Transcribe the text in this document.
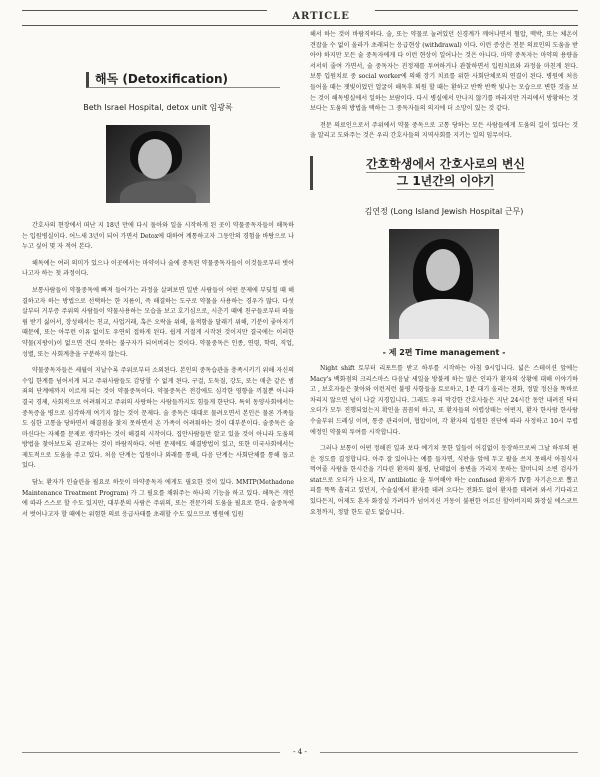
ARTICLE
해독 (Detoxification)
Beth Israel Hospital, detox unit 임광록

간호사의 현장에서 떠난 지 18년 만에 다시 돌아와 일을 시작하게 된 곳이 약물중독자들이 해독하는 입원병실이다. 어느새 3년이 되어 가면서 Detox에 대하여 계통하고자 그동안의 경험을 바탕으로 나누고 싶어 몇 자 적어 본다.

해독에는 여러 의미가 있으나 이곳에서는 마약이나 술에 중독된 약물중독자들이 이것들로부터 벗어나고자 하는 첫 과정이다.

보통사람들이 약물중독에 빠져 들어가는 과정을 살펴보면 일반 사람들이 어떤 문제에 부딪힐 때 해결하고자 하는 방법으로 선택하는 한 지름이, 즉 해결하는 도구로 약물을 사용하는 경우가 많다. 다섯 살부터 거부증 주위의 사람들이 약물사용하는 모습을 보고 호기심으로, 시춘기 때에 친구들로부터 따돌림 받기 싫어서, 장성해서는 친교, 사업거래, 혹은 오락을 위해, 울적함을 달래기 위해, 기분이 좋아지기 때문에, 또는 아무런 이유 없이도 우연히 접하게 된다. 쉽게 거절게 시작된 것이지만 결국에는 이러한 약물(지팡이)이 없으면 견디 못하는 불구자가 되어버리는 것이다. 약물중독은 인종, 연령, 학력, 직업, 성별, 또는 사회계층을 구분하지 않는다.

약물중독자들은 세월이 지날수록 주위로부터 소외된다. 본인의 중독습관을 충족시키기 위해 자신의 수입 한계를 넘어서게 되고 주위사람들도 감당할 수 없게 된다. 구걸, 도둑질, 강도, 또는 매춘 같은 범죄의 단계에까지 이르게 되는 것이 약물중독이다. 약물중독은 전강에도 심각한 영향을 끼칠뿐 아니라 결국 경제, 사회적으로 어려워지고 주위의 사랑하는 사람들까지도 힘들게 한단다. 특히 동양사회에서는 중독증을 병으로 심각하게 여기지 않는 것이 문제다. 술 중독은 대대로 물려오면서 본인은 물론 가족들도 심한 고통을 당하면서 해결점을 찾지 못하면서 온 가족이 어려워하는 것이 대부분이다. 술중독은 술마신다는 자체를 문제로 생각하는 것이 해결의 시작이다. 집안사람들만 알고 있을 것이 아니라 도움의 방법을 찾아보도록 권고하는 것이 바람직하다. 어떤 문제에도 해결방법이 있고, 또한 미국사회에서는 제도적으로 도움을 주고 있다. 처음 단계는 입원이나 외래를 통해, 다음 단계는 사회단체를 통해 돕고 있다.

담노 환자가 인슐린을 필요로 하듯이 마약중독자 에게도 필요한 것이 있다. MMTP(Methadone Maintenance Treatment Program) 가 그 필요를 채워주는 하나의 기능을 하고 있다. 해독은 개인에 따라 스스로 할 수도 있지만, 대부분의 사람은 주위의, 또는 전문가의 도움을 필요로 한다. 술중독에서 벗어나고자 할 때에는 위험한 의료 응급사태를 초래할 수도 있으므로 병원에 입원

해서 하는 것이 바람직하다. 술, 또는 약물로 눌려있던 신경계가 깨어나면서 혈압, 맥박, 또는 체온이 견잡을 수 없이 올라가 초래되는 응급현상 (withdrawal) 이다. 이런 증상은 전문 의료인의 도움을 받아야 하지만 모든 술 중독자에게 다 이런 현상이 일어나는 것은 아니다. 마약 중독자는 마약의 용량을 서서히 줄여 가면서, 술 중독자는 진정제를 투여하거나 관찰하면서 입원치료와 과정을 마친게 된다. 보통 입원치료 중 social worker에 의해 장기 치료를 위한 사회단체로의 연결이 된다. 병원에 처음 들어올 때는 잿빛이었던 얼굴이 해독후 퇴원 할 때는 환하고 반짝 반짝 빛나는 모습으로 변한 것을 보는 것이 해독병실에서 일하는 보람이다. 다시 병실에서 만나지 않기를 바라지만 거리에서 방황하는 것보다는 도움의 방법을 택하는 그 중독자들의 의지에 더 소망이 있는 것 같다.

전문 의료인으로서 주위에서 약물 중독으로 고통 당하는 모든 사람들에게 도움의 길이 있다는 것을 알리고 도와주는 것은 우리 간호사들의 지역사회를 지키는 일의 임무이다.

간호학생에서 간호사로의 변신
그 1년간의 이야기
김연정 (Long Island Jewish Hospital 근무)
- 제 2편 Time management -

Night shift 토부터 리포트를 받고 하루를 시작하는 아침 9시입니다. 넓은 스테이션 앞에는 Macy's 백화점의 크리스마스 다음날 세일을 방불케 하는 많은 인파가 환자의 상황에 대해 이야기하고 , 보호자들은 찾아와 이런저런 불평 사항들을 토로하고, 1분 대기 울리는 전화, 정말 정신을 똑바로 차리지 않으면 넋이 나갈 지경입니다. 그래도 우리 막강한 간호사들은 지난 24시간 동안 내려진 닥터 오더가 모두 진행되었는지 확인을 꼼꼼히 하고, 또 환자들의 어렵상태는 어떤지, 환자 한사람 한사람 수술부위 드레싱 이며, 통증 관리이며, 협압이며, 각 환자의 입원한 진단에 따라 사정하고 10시 무렵에정인 약물의 투여를 시작합니다.

그러나 보통이 어떤 정해진 일과 보다 예기치 못한 일들이 어김없이 등장하므로써 그날 하루의 편운 정도를 결정합니다. 아주 잘 있어나는 예를 들자면, 식판을 앞에 두고 팔을 쓰지 못해서 아침식사 먹여줄 사람을 한시간을 기다린 환자의 불평, 난데없이 용변을 가리지 못하는 할머니의 소변 검사가 stat으로 오더가 나오지, IV antibiotic 을 투여해야 하는 confused 환자가 IV를 자기손으로 뽑고 피를 뚝뚝 흘리고 있던지, 수술실에서 환자를 데려 오다는 전화도 없이 환자를 데려려 와서 기다리고 있다든지, 어제도 혼자 화장실 가려다가 넘어지신 거동이 불편한 어르신 할아버지의 화장실 에스코트 요청까지, 정말 한도 끝도 없습니다.

- 4 -
